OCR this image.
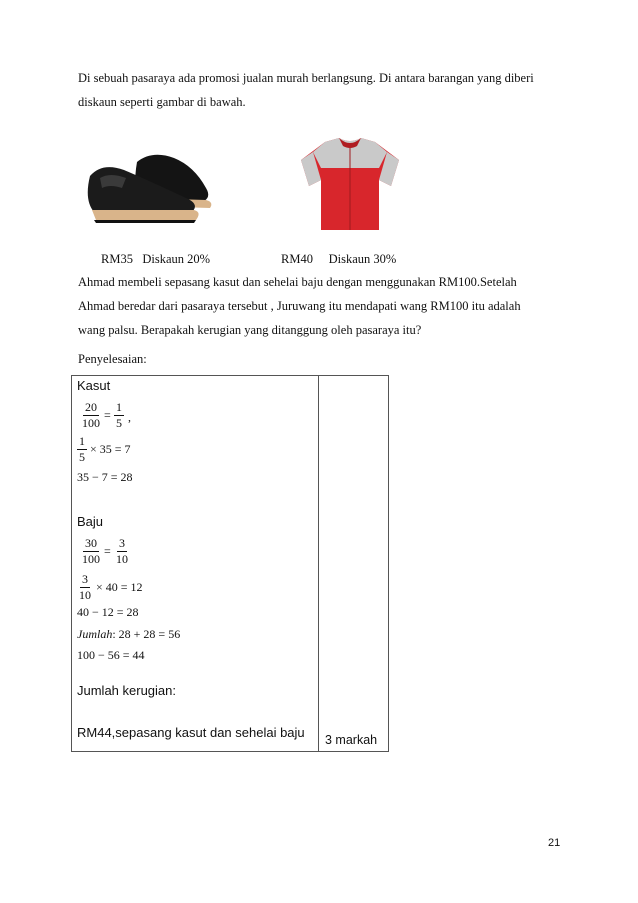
Di sebuah pasaraya ada promosi jualan murah berlangsung. Di antara barangan yang diberi
diskaun seperti gambar di bawah.
RM35 Diskaun 20%	RM40 Diskaun 30%
Ahmad membeli sepasang kasut dan sehelai baju dengan menggunakan RM100.Setelah
Ahmad beredar dari pasaraya tersebut , Juruwang itu mendapati wang RM100 itu adalah
wang palsu. Berapakah kerugian yang ditanggung oleh pasaraya itu?
Penyelesaian:
Kasut
$\frac{20}{100} = \frac{1}{5}$ ,
$\frac{1}{5} \times 35 = 7$
35 − 7 = 28
Baju
$\frac{30}{100} = \frac{3}{10}$
$\frac{3}{10} \times 40 = 12$
40 − 12 = 28
Jumlah: 28 + 28 = 56
100 − 56 = 44
Jumlah kerugian:
RM44,sepasang kasut dan sehelai baju 3 markah
21
